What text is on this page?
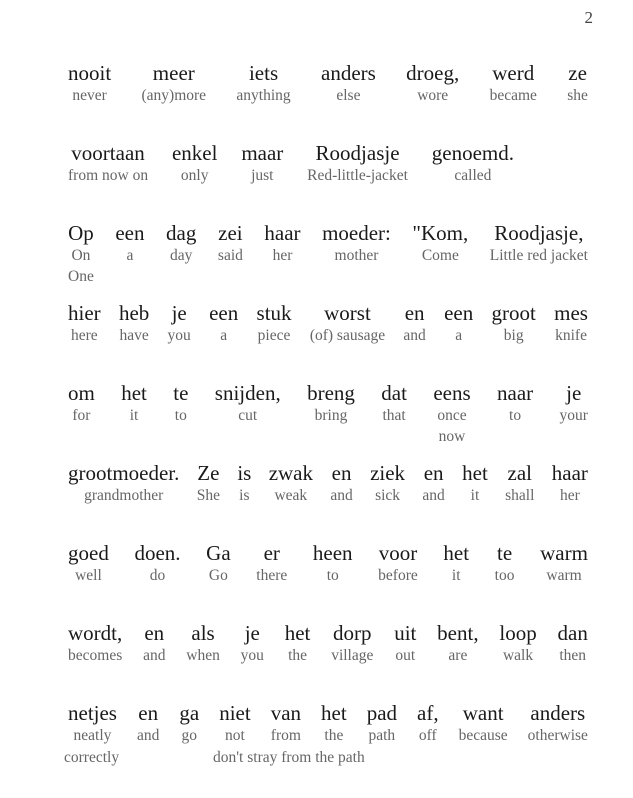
2
nooit
never
meer
(any)more
iets
anything
anders
else
droeg,
wore
werd
became
ze
she
voortaan
from now on
enkel
only
maar
just
Roodjasje
Red-little-jacket
genoemd.
called
Op
On
One
een
a
dag
day
zei
said
haar
her
moeder:
mother
"Kom,
Come
Roodjasje,
Little red jacket
hier
here
heb
have
je
you
een
a
stuk
piece
worst
(of) sausage
en
and
een
a
groot
big
mes
knife
om
for
het
it
te
to
snijden,
cut
breng
bring
dat
that
eens
once
now
naar
to
je
your
grootmoeder.
grandmother
Ze
She
is
is
zwak
weak
en
and
ziek
sick
en
and
het
it
zal
shall
haar
her
goed
well
doen.
do
Ga
Go
er
there
heen
to
voor
before
het
it
te
too
warm
warm
wordt,
becomes
en
and
als
when
je
you
het
the
dorp
village
uit
out
bent,
are
loop
walk
dan
then
netjes
neatly
en
and
ga
go
niet
not
van
from
het
the
pad
path
af,
off
want
because
anders
otherwise
correctly	don't stray from the path
